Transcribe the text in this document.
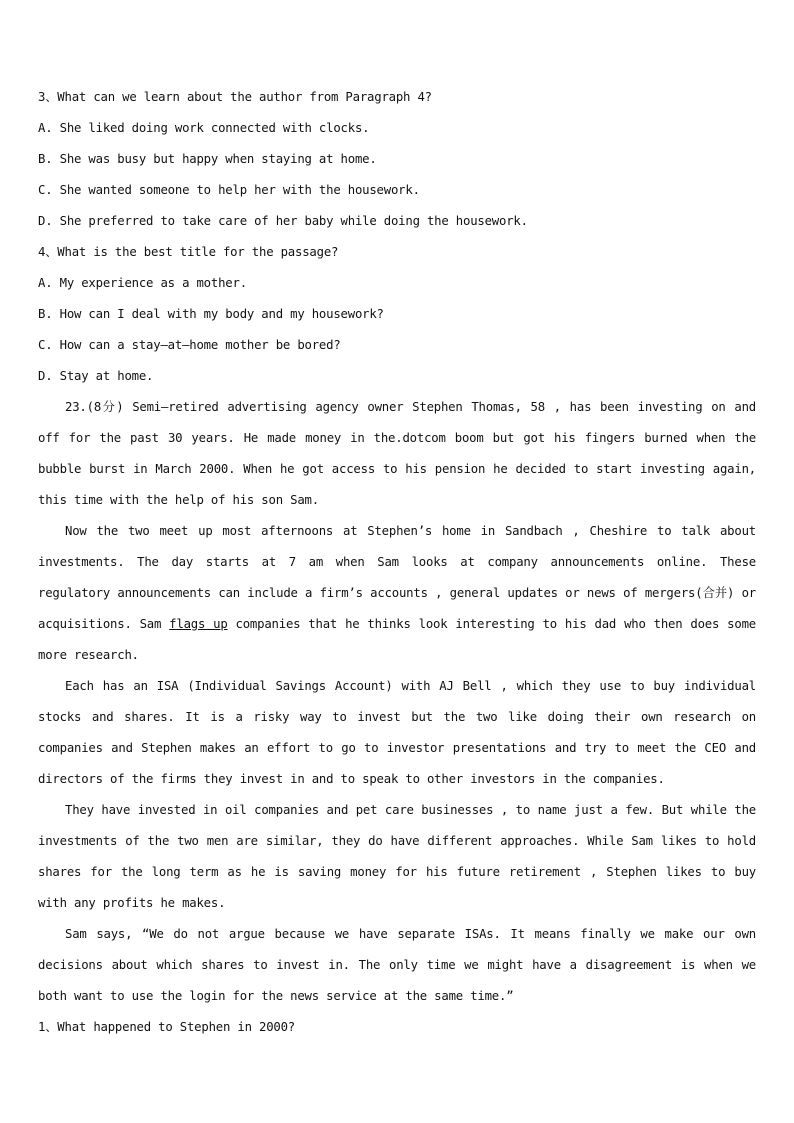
3、What can we learn about the author from Paragraph 4?
A. She liked doing work connected with clocks.
B. She was busy but happy when staying at home.
C. She wanted someone to help her with the housework.
D. She preferred to take care of her baby while doing the housework.
4、What is the best title for the passage?
A. My experience as a mother.
B. How can I deal with my body and my housework?
C. How can a stay—at—home mother be bored?
D. Stay at home.

23.(8分) Semi—retired advertising agency owner Stephen Thomas, 58 , has been investing on and off for the past 30 years. He made money in the.dotcom boom but got his fingers burned when the bubble burst in March 2000. When he got access to his pension he decided to start investing again, this time with the help of his son Sam.

Now the two meet up most afternoons at Stephen’s home in Sandbach , Cheshire to talk about investments. The day starts at 7 am when Sam looks at company announcements online. These regulatory announcements can include a firm’s accounts , general updates or news of mergers(合并) or acquisitions. Sam flags up companies that he thinks look interesting to his dad who then does some more research.

Each has an ISA (Individual Savings Account) with AJ Bell , which they use to buy individual stocks and shares. It is a risky way to invest but the two like doing their own research on companies and Stephen makes an effort to go to investor presentations and try to meet the CEO and directors of the firms they invest in and to speak to other investors in the companies.

They have invested in oil companies and pet care businesses , to name just a few. But while the investments of the two men are similar, they do have different approaches. While Sam likes to hold shares for the long term as he is saving money for his future retirement , Stephen likes to buy with any profits he makes.

Sam says, “We do not argue because we have separate ISAs. It means finally we make our own decisions about which shares to invest in. The only time we might have a disagreement is when we both want to use the login for the news service at the same time.”

1、What happened to Stephen in 2000?
